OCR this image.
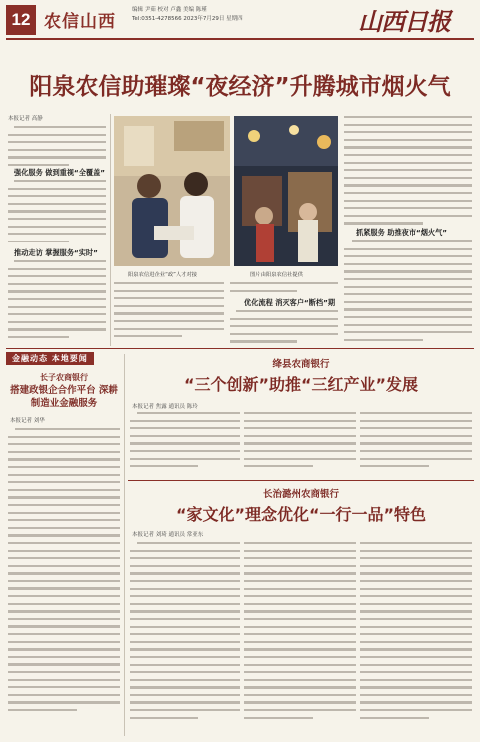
12 农信山西
编辑 尹茹 校对 卢鑫 美编 陈瑾
Tel:0351-4278566 2023年7月29日 星期四	山西日报
阳泉农信助璀璨“夜经济”升腾城市烟火气
本报记者 高静
强化服务 做到重视“全覆盖”
推动走访 掌握服务“实时”
阳泉农信进企业“政”人才对接	图片由阳泉农信社提供
优化流程 消灭客户“断档”期
抓紧服务 助推夜市“烟火气”
金融动态 本地要闻
长子农商银行
搭建政银企合作平台 深耕制造业金融服务
本报记者 刘华
绛县农商银行
“三个创新”助推“三红产业”发展
本报记者 焦露 通讯员 陈玲
长治潞州农商银行
“家文化”理念优化“一行一品”特色
本报记者 刘琦 通讯员 常亚东
